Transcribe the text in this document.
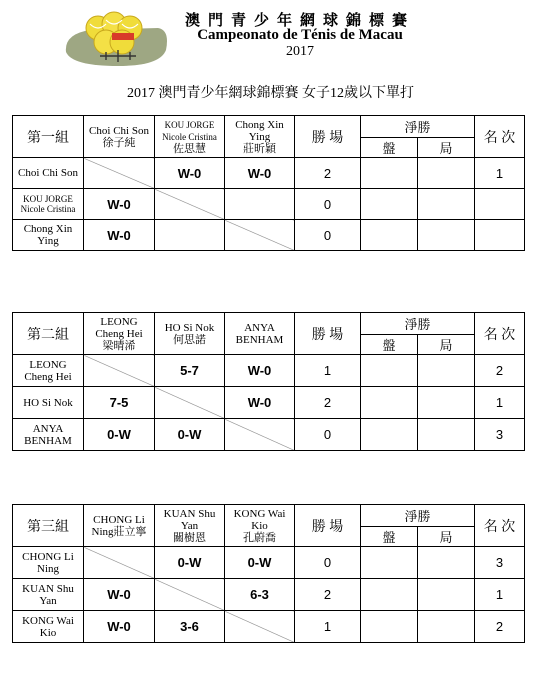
澳門青少年網球錦標賽
Campeonato de Ténis de Macau
2017
2017 澳門青少年網球錦標賽 女子12歲以下單打
第一組	Choi Chi Son
徐子純	KOU JORGE
Nicole Cristina
佐思慧	Chong Xin
Ying
莊昕穎	勝 場	淨勝		名 次
					盤	局	
Choi Chi Son		W-0	W-0	2			1
KOU JORGE
Nicole Cristina	W-0			0			
Chong Xin
Ying	W-0			0			
第二組	LEONG
Cheng Hei
梁晴浠	HO Si Nok
何思諾	ANYA
BENHAM	勝 場	淨勝		名 次
					盤	局	
LEONG
Cheng Hei		5-7	W-0	1			2
HO Si Nok	7-5		W-0	2			1
ANYA
BENHAM	0-W	0-W		0			3
第三組	CHONG Li
Ning莊立寧	KUAN Shu
Yan
關樹恩	KONG Wai
Kio
孔蔚喬	勝 場	淨勝		名 次
					盤	局	
CHONG Li
Ning		0-W	0-W	0			3
KUAN Shu
Yan	W-0		6-3	2			1
KONG Wai
Kio	W-0	3-6		1			2
